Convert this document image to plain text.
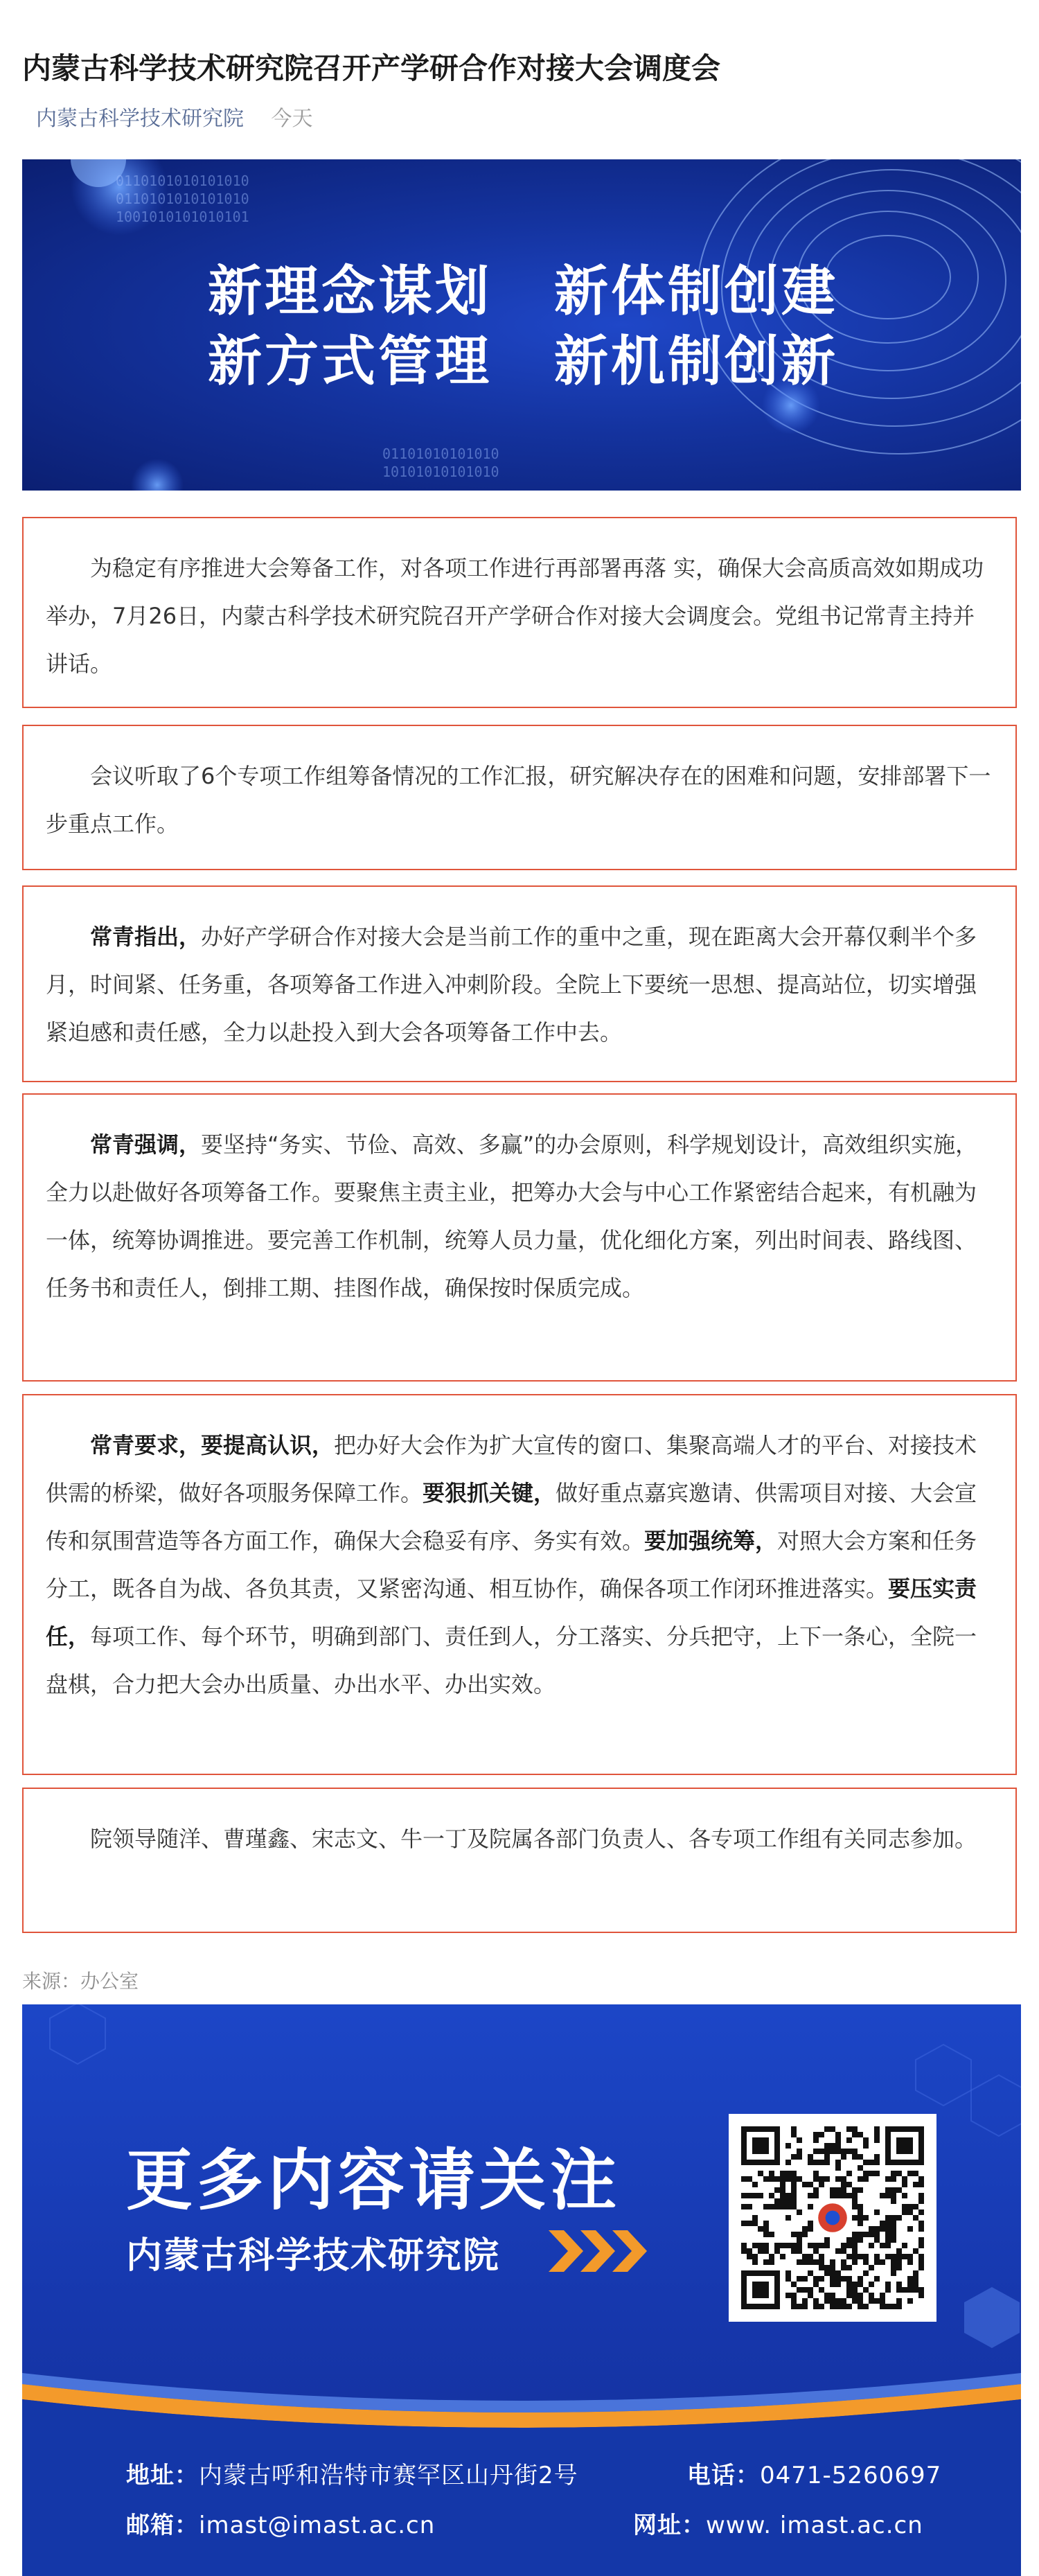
内蒙古科学技术研究院召开产学研合作对接大会调度会
内蒙古科学技术研究院 今天
0110101010101010
0110101010101010
1001010101010101
01101010101010
10101010101010
新理念谋划	新体制创建
新方式管理	新机制创新
为稳定有序推进大会筹备工作，对各项工作进行再部署再落 实，确保大会高质高效如期成功举办，7月26日，内蒙古科学技术研究院召开产学研合作对接大会调度会。党组书记常青主持并讲话。
会议听取了6个专项工作组筹备情况的工作汇报，研究解决存在的困难和问题，安排部署下一步重点工作。
常青指出，办好产学研合作对接大会是当前工作的重中之重，现在距离大会开幕仅剩半个多月，时间紧、任务重，各项筹备工作进入冲刺阶段。全院上下要统一思想、提高站位，切实增强紧迫感和责任感，全力以赴投入到大会各项筹备工作中去。
常青强调，要坚持“务实、节俭、高效、多赢”的办会原则，科学规划设计，高效组织实施，全力以赴做好各项筹备工作。要聚焦主责主业，把筹办大会与中心工作紧密结合起来，有机融为一体，统筹协调推进。要完善工作机制，统筹人员力量，优化细化方案，列出时间表、路线图、任务书和责任人，倒排工期、挂图作战，确保按时保质完成。
常青要求，要提高认识，把办好大会作为扩大宣传的窗口、集聚高端人才的平台、对接技术供需的桥梁，做好各项服务保障工作。要狠抓关键，做好重点嘉宾邀请、供需项目对接、大会宣传和氛围营造等各方面工作，确保大会稳妥有序、务实有效。要加强统筹，对照大会方案和任务分工，既各自为战、各负其责，又紧密沟通、相互协作，确保各项工作闭环推进落实。要压实责任，每项工作、每个环节，明确到部门、责任到人，分工落实、分兵把守，上下一条心，全院一盘棋，合力把大会办出质量、办出水平、办出实效。
院领导随洋、曹瑾鑫、宋志文、牛一丁及院属各部门负责人、各专项工作组有关同志参加。
来源：办公室
更多内容请关注
内蒙古科学技术研究院
地址：内蒙古呼和浩特市赛罕区山丹街2号	电话：0471-5260697
邮箱：imast@imast.ac.cn	网址：www. imast.ac.cn
